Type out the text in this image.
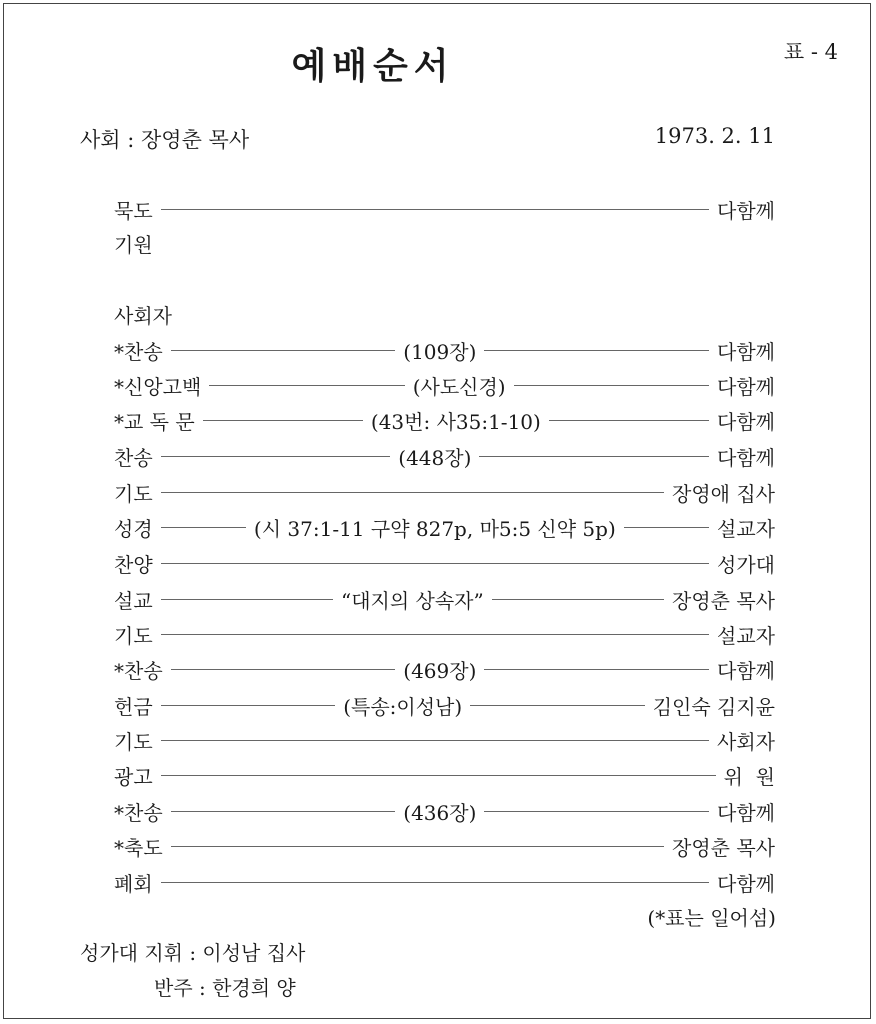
예배순서	표 - 4
사회 : 장영춘 목사	1973. 2. 11
묵도	다함께
기원
사회자
*찬송	(109장)	다함께
*신앙고백	(사도신경)	다함께
*교 독 문	(43번: 사35:1-10)	다함께
찬송	(448장)	다함께
기도	장영애 집사
성경	(시 37:1-11 구약 827p, 마5:5 신약 5p)	설교자
찬양	성가대
설교	“대지의 상속자”	장영춘 목사
기도	설교자
*찬송	(469장)	다함께
헌금	(특송:이성남)	김인숙 김지윤
기도	사회자
광고	위  원
*찬송	(436장)	다함께
*축도	장영춘 목사
폐회	다함께
(*표는 일어섬)
성가대 지휘 : 이성남 집사
반주 : 한경희 양
